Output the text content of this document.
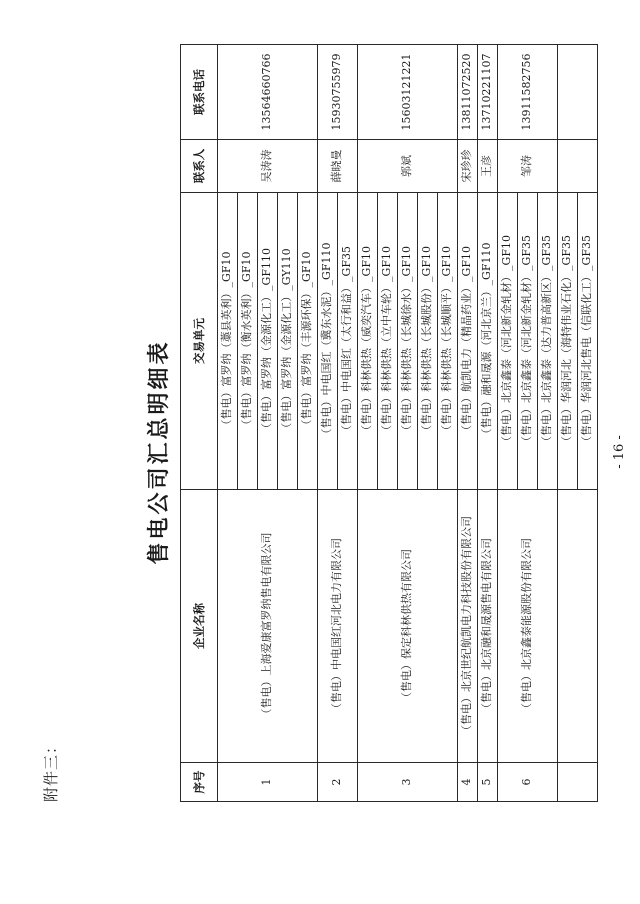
附件三：
售电公司汇总明细表
序号	企业名称	交易单元	联系人	联系电话
1	（售电）上海爱康富罗纳售电有限公司	（售电）富罗纳（藁县英利）_GF10	吴涛涛	13564660766
		（售电）富罗纳（衡水英利）_GF10		
		（售电）富罗纳（金源化工）_GF110		
		（售电）富罗纳（金源化工）_GY110		
		（售电）富罗纳（丰源环保）_GF10		
2	（售电）中电国红河北电力有限公司	（售电）中电国红（冀东水泥）_GF110	薛晓曼	15930755979
		（售电）中电国红（太行和益）_GF35		
3	（售电）保定科林供热有限公司	（售电）科林供热（威奕汽车）_GF10	郭斌	15603121221
		（售电）科林供热（立中车轮）_GF10		
		（售电）科林供热（长城徐水）_GF10		
		（售电）科林供热（长城股份）_GF10		
		（售电）科林供热（长城顺平）_GF10		
4	（售电）北京世纪航凯电力科技股份有限公司	（售电）航凯电力（精晶药业）_GF10	宋珍珍	13811072520
5	（售电）北京融和晟源售电有限公司	（售电）融和晟源（河北京兰）_GF110	王彦	13710221107
6	（售电）北京鑫泰能源股份有限公司	（售电）北京鑫泰（河北新金轧材）_GF10	邹涛	13911582756
		（售电）北京鑫泰（河北新金轧材）_GF35		
		（售电）北京鑫泰（达力普高新区）_GF35		
		（售电）华润河北（海特伟业石化）_GF35		
		（售电）华润河北售电（信联化工）_GF35		
- 16 -
